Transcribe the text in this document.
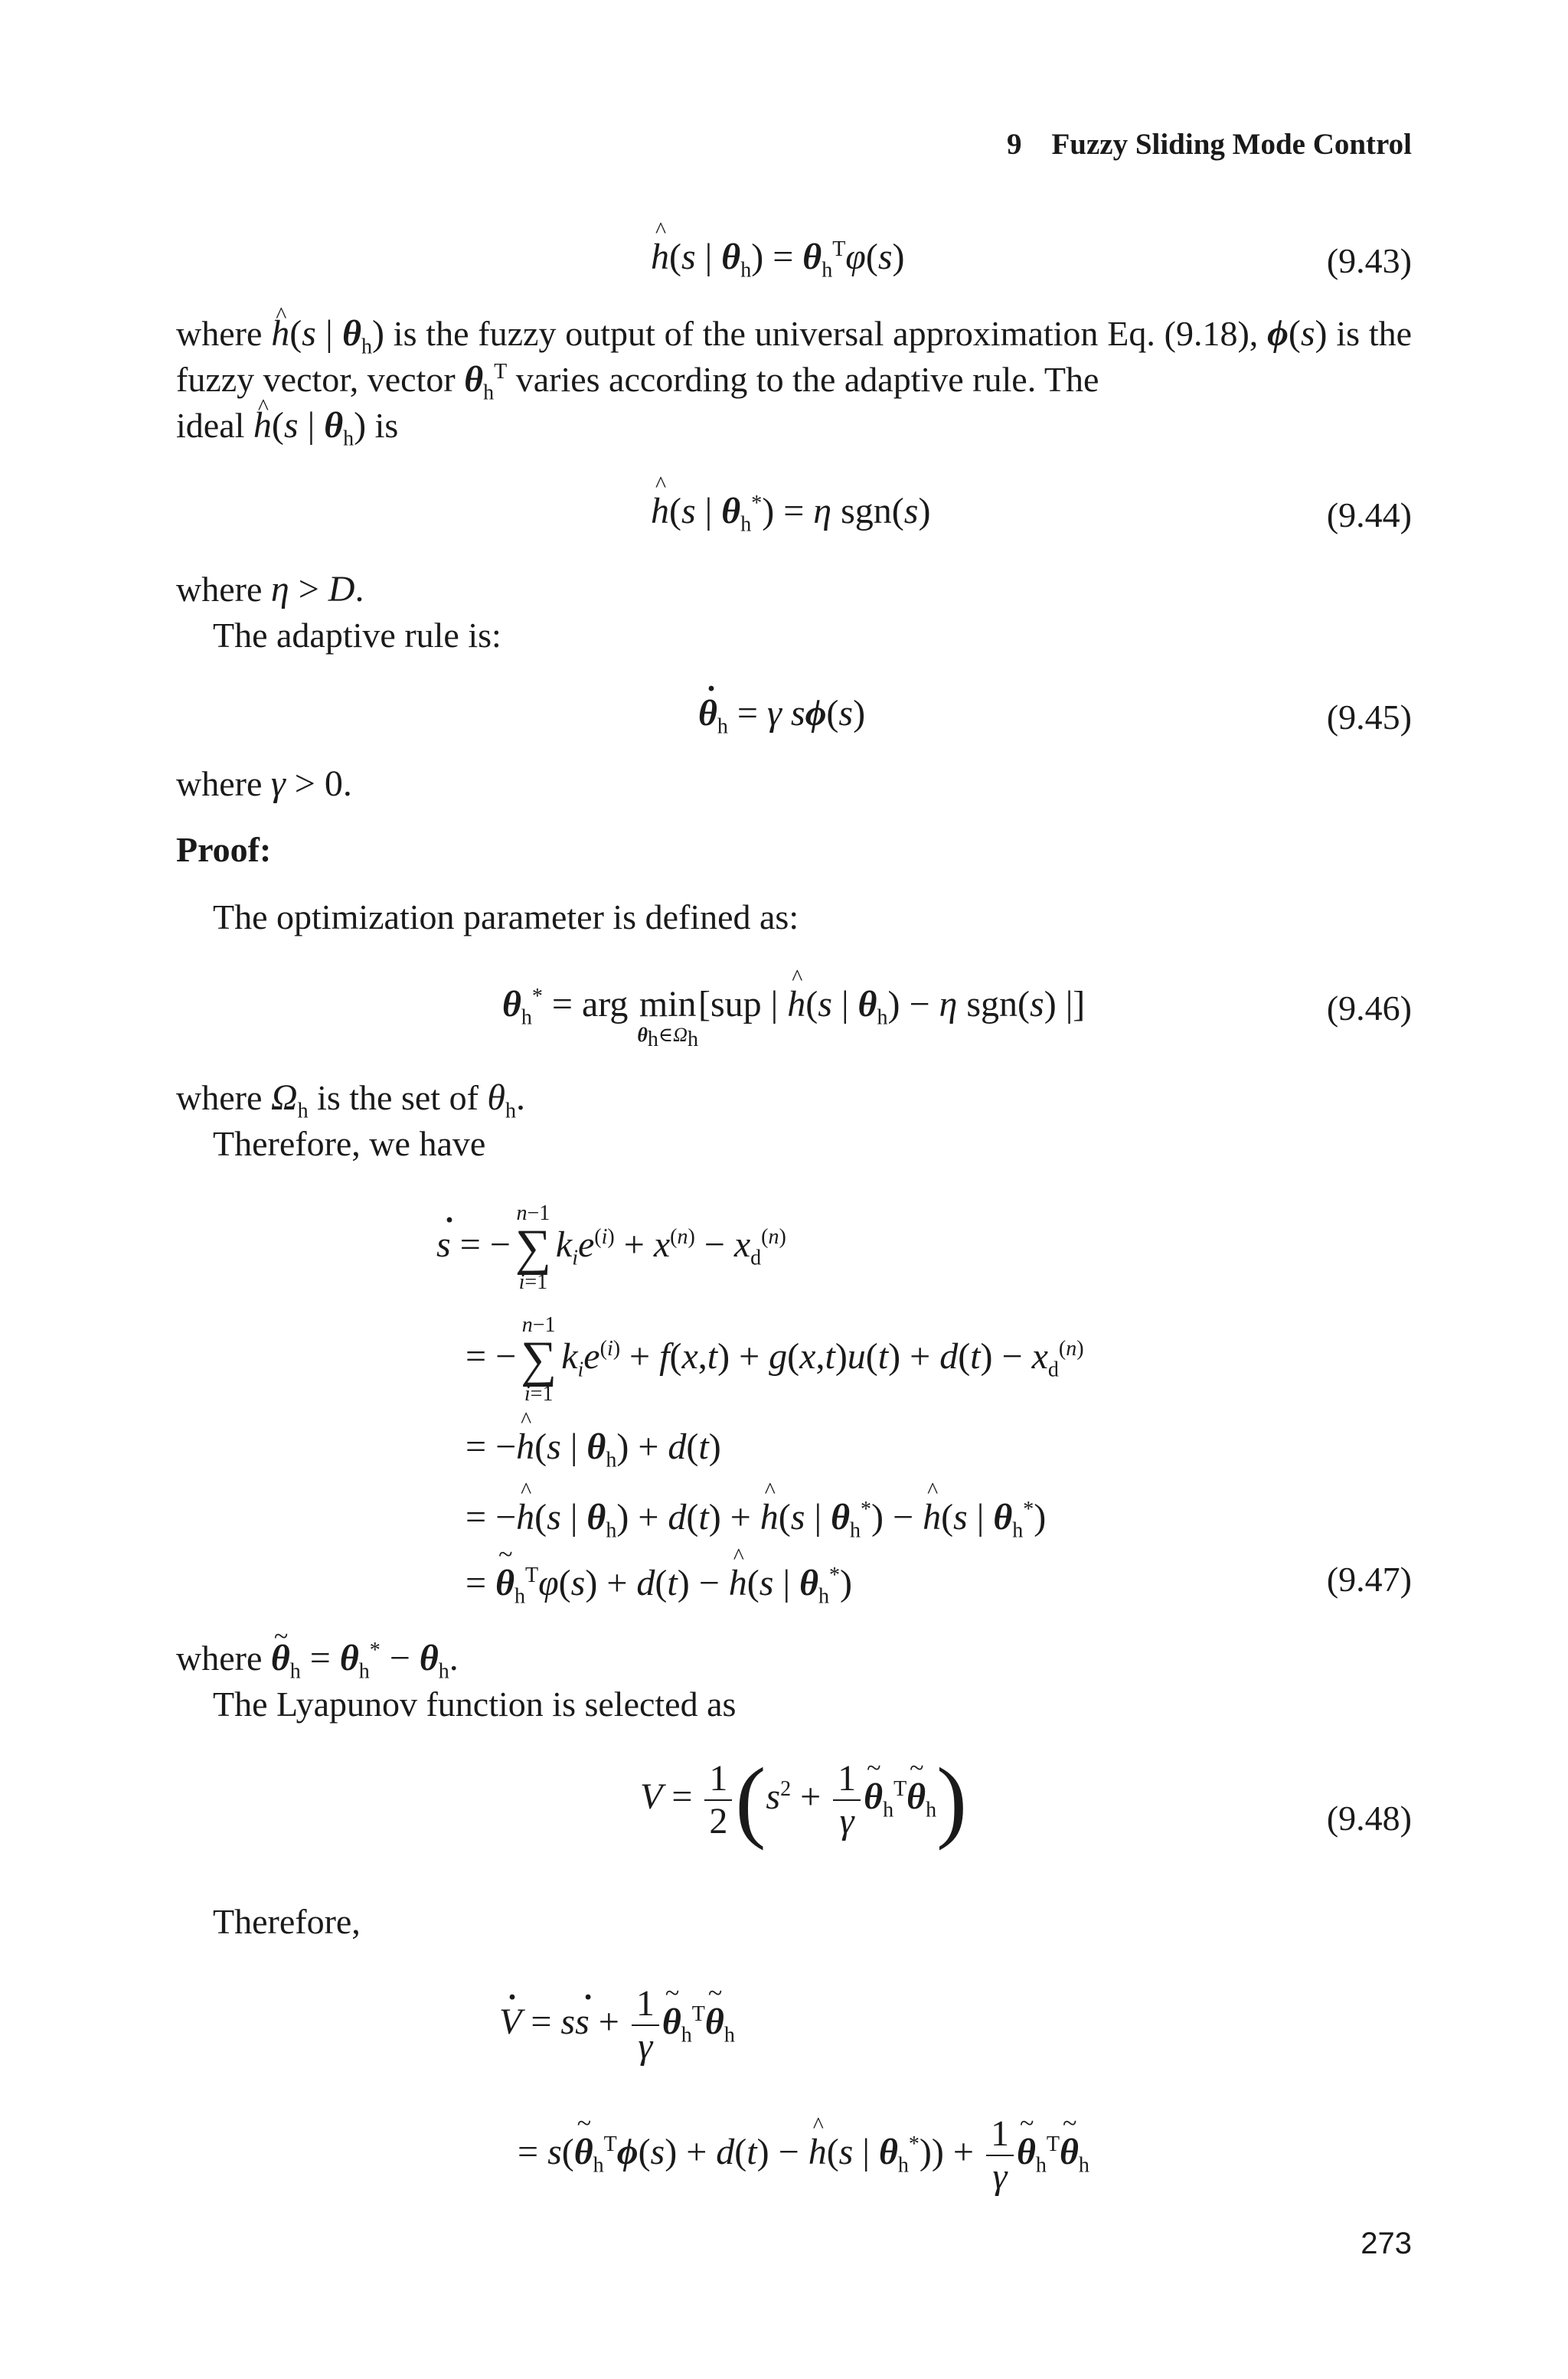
9 Fuzzy Sliding Mode Control
^ h(s | $\theta_h) = \theta_h^T\varphi(s)$	(9.43)
where ^ h(s | $\theta_h$) is the fuzzy output of the universal approximation Eq. (9.18), ϕ(s) is the fuzzy vector, vector $\theta_h^T$ varies according to the adaptive rule. The
ideal ^ h(s | $\theta_h$) is
^ h(s | $\theta_h^*) = \eta$ sgn(s)	(9.44)
where η > D.
The adaptive rule is:
· $\theta_h = \gamma$ sϕ(s)	(9.45)
where γ > 0.
Proof:
The optimization parameter is defined as:
$\theta_h^*$ = arg min
$\theta_h\in\Omega_h$
[sup | ^ h(s | $\theta_h) - \eta$ sgn(s) |]	(9.46)
where $\Omega_h$ is the set of $\theta_h$.
Therefore, we have
· s = −
n−1
∑
i=1
$k_ie^{(i)} + x^{(n)} - x_d^{(n)}$
= −
n−1
∑
i=1
$k_ie^{(i)} + f(x,t) + g(x,t)u(t) + d(t) - x_d^{(n)}$
= −^ h(s | $\theta_h) + d(t)$
= −^ h(s | $\theta_h) + d(t)$ + ^ h(s | $\theta_h^*$) − ^ h(s | $\theta_h^*$)
= ~ $\theta_h^T\varphi(s) + d(t)$ − ^ h(s | $\theta_h^*$)	(9.47)
where ~ $\theta_h = \theta_h^* - \theta_h$.
The Lyapunov function is selected as
$V = \frac{1}{2} (s^2 + \frac{1}{\gamma}$ ~ $\theta_h^T\sim$ $\theta_h$)	(9.48)
Therefore,
· $V = s\cdot s + \frac{1}{\gamma}$ ~ $\theta_h^T\sim$ $\theta_h$
= s(~ $\theta_h^T\phi(s) + d(t)$ − ^ h(s | $\theta_h^*)) + \frac{1}{\gamma}$ ~ $\theta_h^T\sim$ $\theta_h$
273
